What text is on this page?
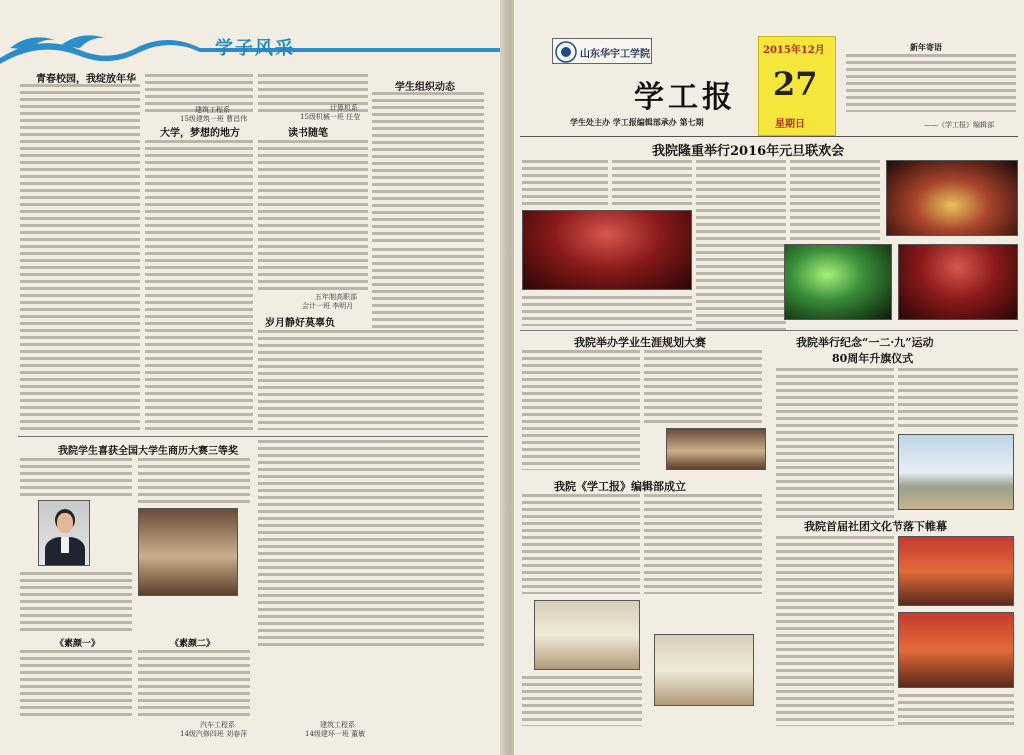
学子风采
青春校园，我绽放年华
建筑工程系
15级建筑一班 曹昌伟
大学，梦想的地方
计算机系
15级机械一班 任莹
学生组织动态
读书随笔
五年制高职部
会计一班 李明月
岁月静好莫辜负
我院学生喜获全国大学生商历大赛三等奖
《素颜一》	《素颜二》
汽车工程系
14级汽修四班 刘春萍
建筑工程系
14级建环一班 董敏
山东华宇工学院
学工报
学生处主办 学工报编辑部承办 第七期
2015年12月
27
星期日
新年寄语
——《学工报》编辑部
我院隆重举行2016年元旦联欢会
我院举办学业生涯规划大赛	我院举行纪念“一二·九”运动
80周年升旗仪式
我院《学工报》编辑部成立
我院首届社团文化节落下帷幕
